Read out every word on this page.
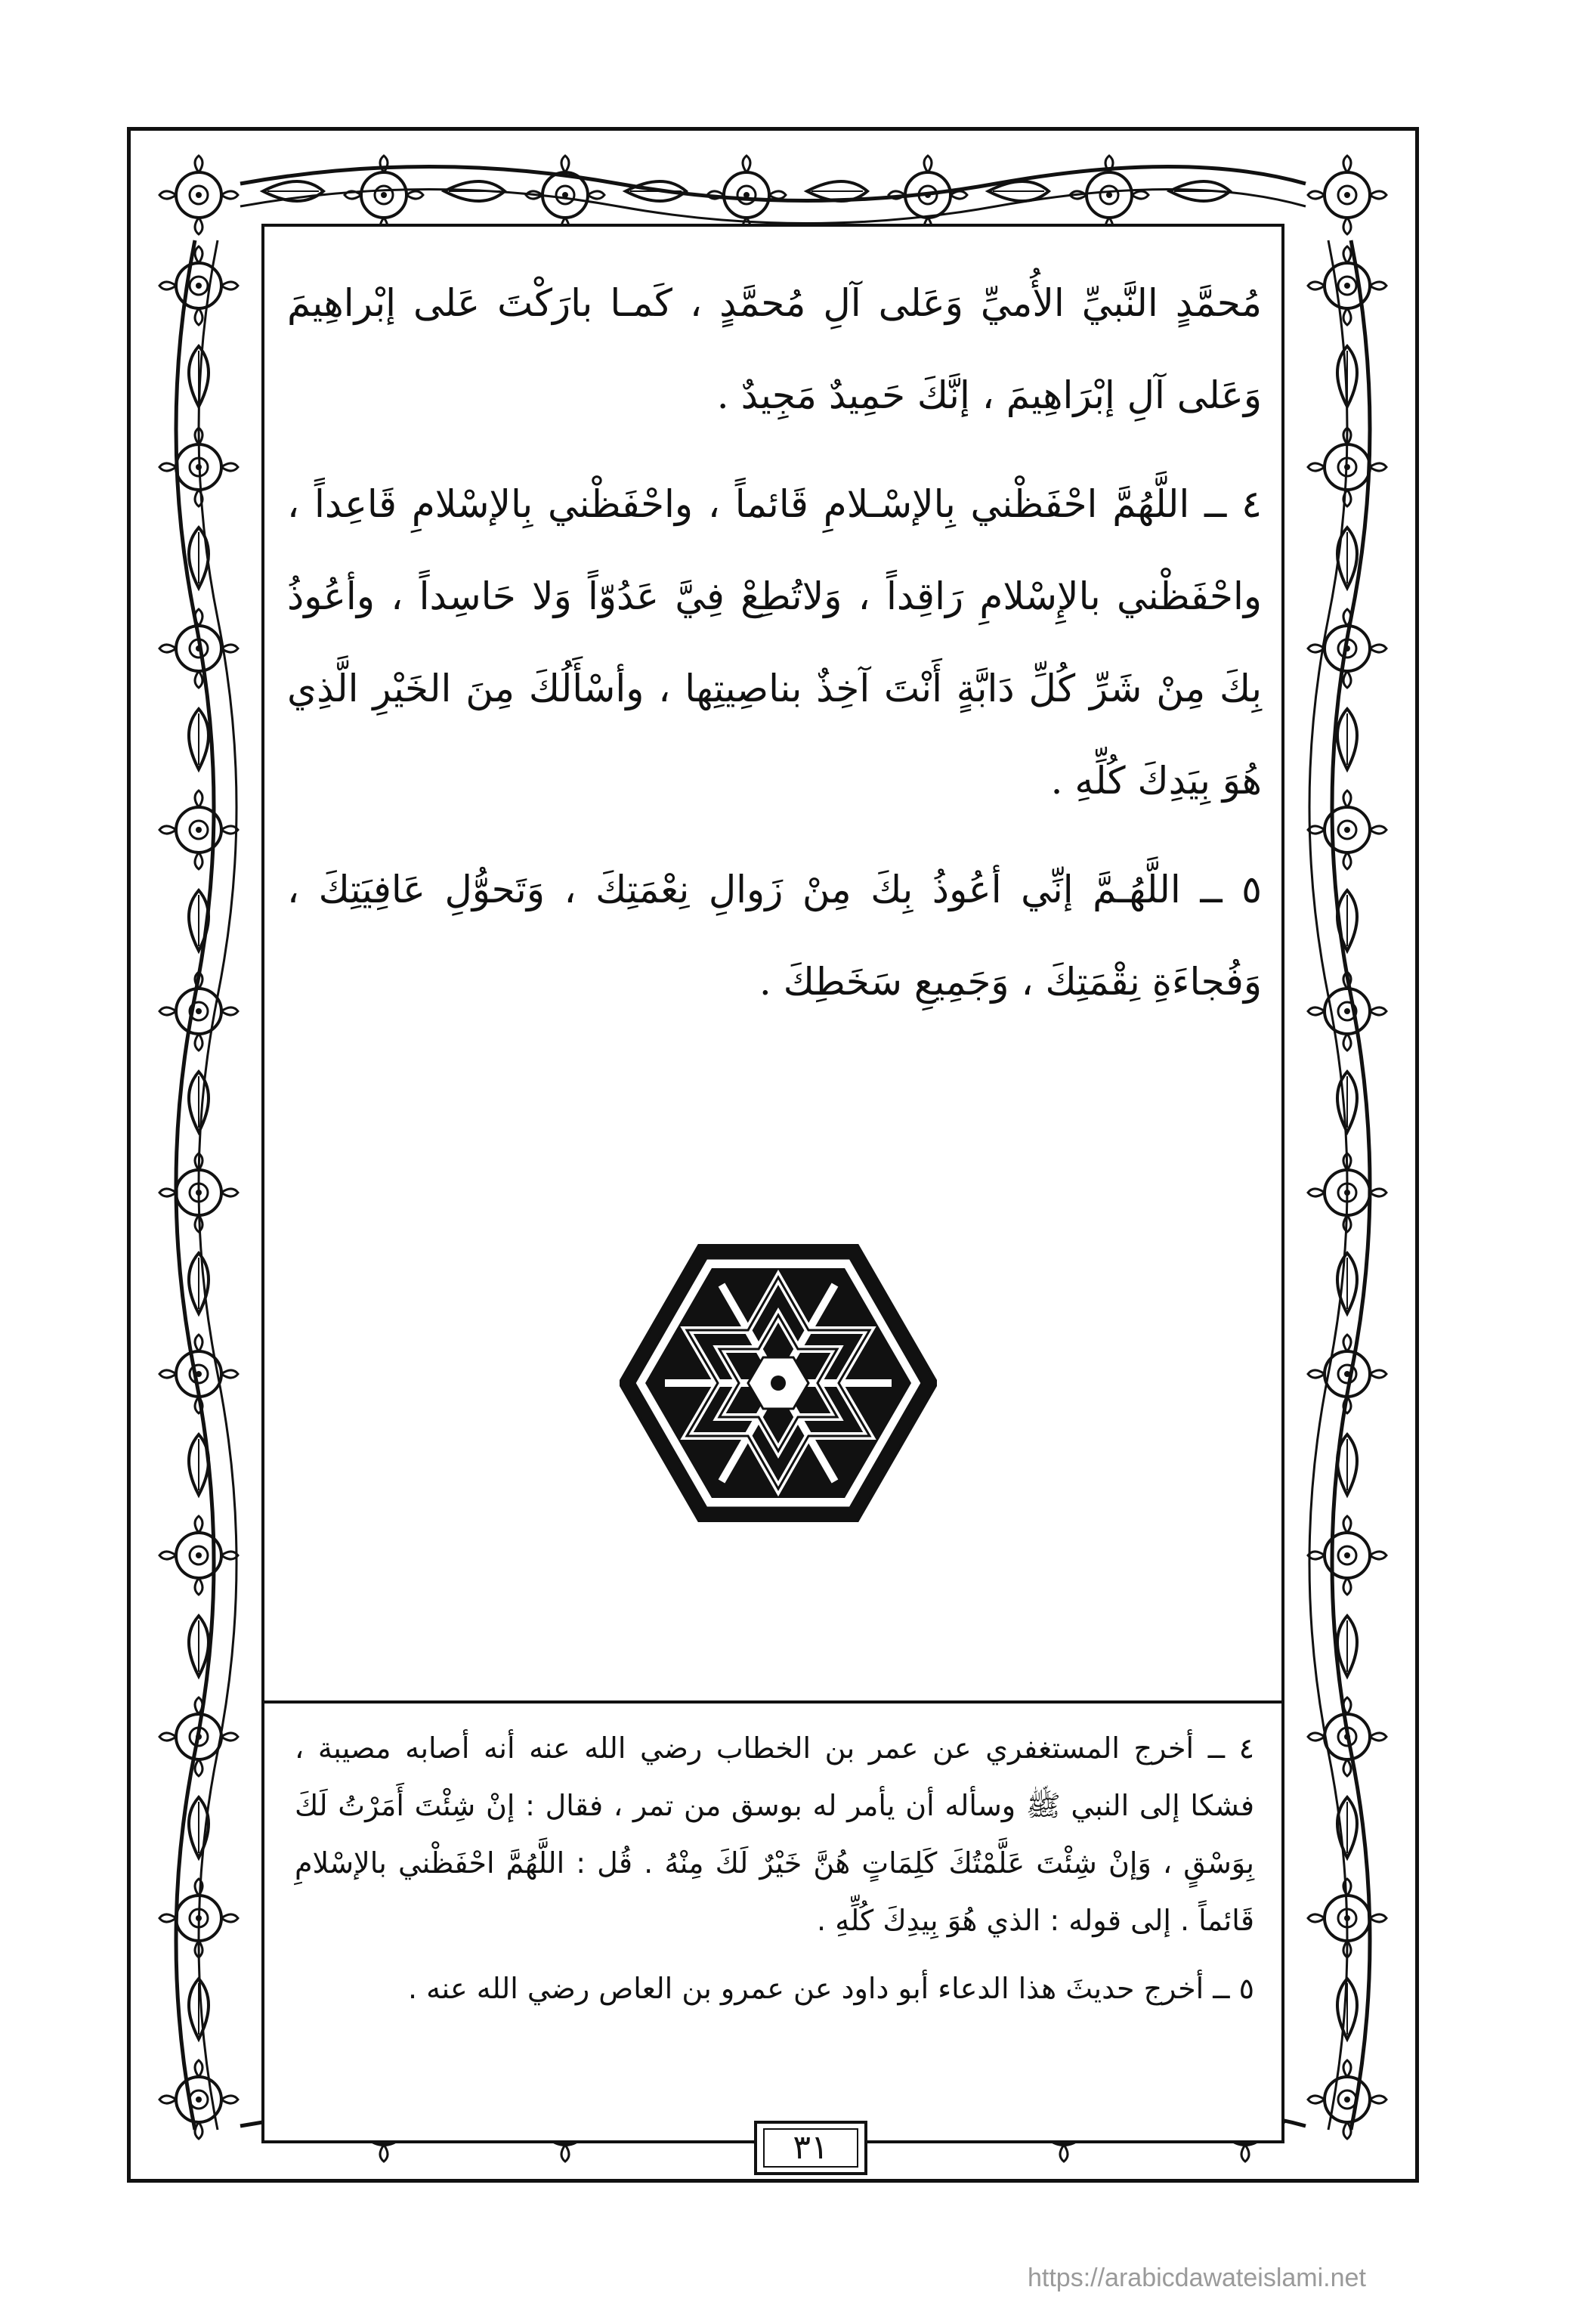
مُحمَّدٍ النَّبيِّ الأُميِّ وَعَلى آلِ مُحمَّدٍ ، كَمـا بارَكْتَ عَلى إبْراهِيمَ وَعَلى آلِ إبْرَاهِيمَ ، إنَّكَ حَمِيدٌ مَجِيدٌ .

٤ ــ اللَّهُمَّ احْفَظْني بِالإسْـلامِ قَائماً ، واحْفَظْني بِالإسْلامِ قَاعِداً ، واحْفَظْني بالإِسْلامِ رَاقِداً ، وَلاتُطِعْ فِيَّ عَدُوّاً وَلا حَاسِداً ، وأعُوذُ بِكَ مِنْ شَرِّ كُلِّ دَابَّةٍ أَنْتَ آخِذٌ بناصِيتِها ، وأسْأَلُكَ مِنَ الخَيْرِ الَّذِي هُوَ بِيَدِكَ كُلِّهِ .

٥ ــ اللَّهُـمَّ إنِّي أعُوذُ بِكَ مِنْ زَوالِ نِعْمَتِكَ ، وَتَحوُّلِ عَافِيَتِكَ ، وَفُجاءَةِ نِقْمَتِكَ ، وَجَمِيعِ سَخَطِكَ .

٤ ــ أخرج المستغفري عن عمر بن الخطاب رضي الله عنه أنه أصابه مصيبة ، فشكا إلى النبي ﷺ وسأله أن يأمر له بوسق من تمر ، فقال : إنْ شِئْتَ أَمَرْتُ لَكَ بِوَسْقٍ ، وَإنْ شِئْتَ عَلَّمْتُكَ كَلِمَاتٍ هُنَّ خَيْرٌ لَكَ مِنْهُ . قُل : اللَّهُمَّ احْفَظْني بالإسْلامِ قَائماً . إلى قوله : الذي هُوَ بِيدِكَ كُلِّهِ .

٥ ــ أخرج حديثَ هذا الدعاء أبو داود عن عمرو بن العاص رضي الله عنه .

٣١
https://arabicdawateislami.net
